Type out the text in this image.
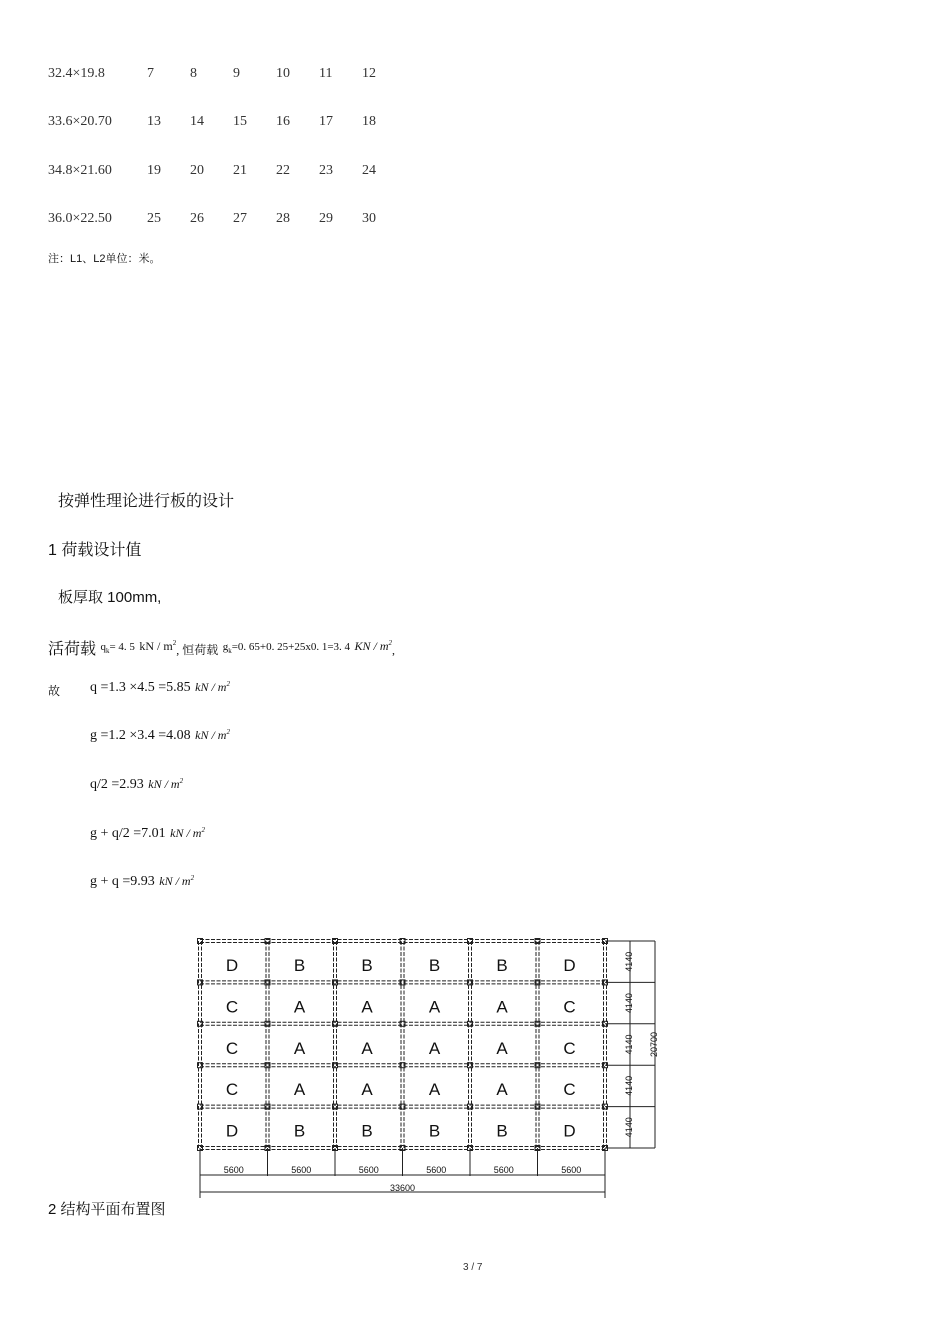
32.4×19.8	7	8	9	10 11 12
33.6×20.70	13 14 15 16 17 18
34.8×21.60	19 20 21 22 23 24
36.0×22.50	25 26 27 28 29 30
注：L1、L2单位：米。
按弹性理论进行板的设计
1 荷载设计值
板厚取 100mm,
活荷载 $^{q_k= 4. 5}$ $^{kN / m^2}$, 恒荷载 $^{g_k=0. 65+0. 25+25x0. 1=3. 4}$ $^{KN / m^2}$,
故 q =1.3 ×4.5 =5.85 kN / $m^2$
g =1.2 ×3.4 =4.08 kN / $m^2$
q/2 =2.93 kN / $m^2$
g + q/2 =7.01 kN / $m^2$
g + q =9.93 kN / $m^2$
D	B	B	B	B	D
C	A	A	A	A	C
C	A	A	A	A	C
C	A	A	A	A	C
D	B	B	B	B	D
5600	5600	5600	5600	5600	5600
4140
4140
4140
4140
4140
33600
20700
2 结构平面布置图
3 / 7
